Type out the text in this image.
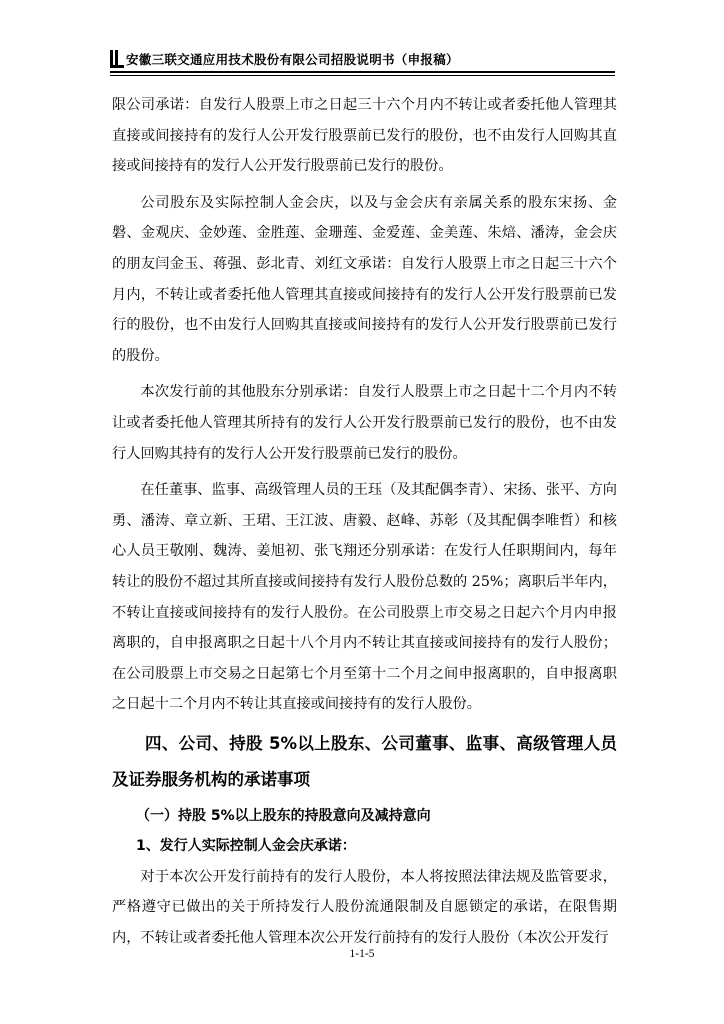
安徽三联交通应用技术股份有限公司招股说明书（申报稿）

限公司承诺：自发行人股票上市之日起三十六个月内不转让或者委托他人管理其直接或间接持有的发行人公开发行股票前已发行的股份，也不由发行人回购其直接或间接持有的发行人公开发行股票前已发行的股份。

公司股东及实际控制人金会庆，以及与金会庆有亲属关系的股东宋扬、金磐、金观庆、金妙莲、金胜莲、金珊莲、金爱莲、金美莲、朱焙、潘涛，金会庆的朋友闫金玉、蒋强、彭北青、刘红文承诺：自发行人股票上市之日起三十六个月内，不转让或者委托他人管理其直接或间接持有的发行人公开发行股票前已发行的股份，也不由发行人回购其直接或间接持有的发行人公开发行股票前已发行的股份。

本次发行前的其他股东分别承诺：自发行人股票上市之日起十二个月内不转让或者委托他人管理其所持有的发行人公开发行股票前已发行的股份，也不由发行人回购其持有的发行人公开发行股票前已发行的股份。

在任董事、监事、高级管理人员的王珏（及其配偶李青）、宋扬、张平、方向勇、潘涛、章立新、王珺、王江波、唐毅、赵峰、苏彰（及其配偶李唯哲）和核心人员王敬刚、魏涛、姜旭初、张飞翔还分别承诺：在发行人任职期间内，每年转让的股份不超过其所直接或间接持有发行人股份总数的 25%；离职后半年内，不转让直接或间接持有的发行人股份。在公司股票上市交易之日起六个月内申报离职的，自申报离职之日起十八个月内不转让其直接或间接持有的发行人股份；在公司股票上市交易之日起第七个月至第十二个月之间申报离职的，自申报离职之日起十二个月内不转让其直接或间接持有的发行人股份。

四、公司、持股 5%以上股东、公司董事、监事、高级管理人员及证券服务机构的承诺事项
（一）持股 5%以上股东的持股意向及减持意向
1、发行人实际控制人金会庆承诺：

对于本次公开发行前持有的发行人股份，本人将按照法律法规及监管要求，严格遵守已做出的关于所持发行人股份流通限制及自愿锁定的承诺，在限售期内，不转让或者委托他人管理本次公开发行前持有的发行人股份（本次公开发行

1-1-5
